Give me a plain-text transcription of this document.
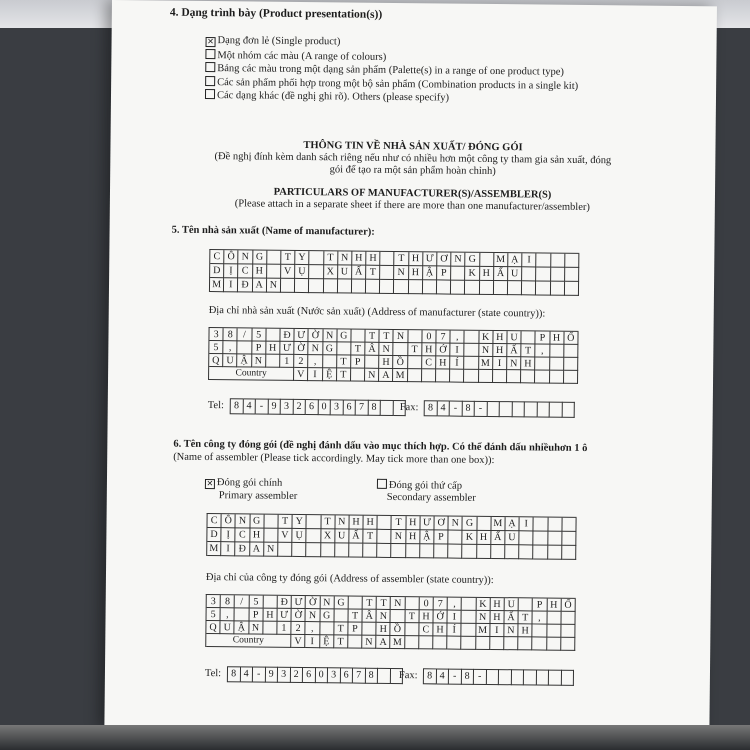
4. Dạng trình bày (Product presentation(s))
✕ Dạng đơn lẻ (Single product)
Một nhóm các màu (A range of colours)
Bảng các màu trong một dạng sản phẩm (Palette(s) in a range of one product type)
Các sản phẩm phối hợp trong một bộ sản phẩm (Combination products in a single kit)
Các dạng khác (đề nghị ghi rõ). Others (please specify)
THÔNG TIN VỀ NHÀ SẢN XUẤT/ ĐÓNG GÓI
(Đề nghị đính kèm danh sách riêng nếu như có nhiều hơn một công ty tham gia sản xuất, đóng
gói để tạo ra một sản phẩm hoàn chỉnh)
PARTICULARS OF MANUFACTURER(S)/ASSEMBLER(S)
(Please attach in a separate sheet if there are more than one manufacturer/assembler)
5. Tên nhà sản xuất (Name of manufacturer):
C Ô N G	T Y	T N H H	T H Ư Ơ N G	M Ạ I
D Ị C H	V Ụ	X U Ấ T	N H Ậ P	K H Ẩ U
M I Đ A N
Địa chỉ nhà sản xuất (Nước sản xuất) (Address of manufacturer (state country)):
3 8	/	5	Đ Ư Ờ N G	T T N	0 7	,	K H U	P H Ố
5	,	P H Ư Ờ N G	T Â N	T H Ớ I	N H Ấ T ,
Q U Ậ N	1 2	,	T P	H Ồ	C H Í	M I N H
Country	V I Ệ T	N A M
Tel: 8 4 - 9 3 2 6 0 3 6 7 8	Fax: 8 4 - 8 -
6. Tên công ty đóng gói (đề nghị đánh dấu vào mục thích hợp. Có thể đánh dấu nhiềuhơn 1 ô
(Name of assembler (Please tick accordingly. May tick more than one box)):
✕ Đóng gói chính
Primary assembler
Đóng gói thứ cấp
Secondary assembler
C Ô N G	T Y	T N H H	T H Ư Ơ N G	M Ạ I
D Ị C H	V Ụ	X U Ấ T	N H Ậ P	K H Ẩ U
M I Đ A N
Địa chỉ của công ty đóng gói (Address of assembler (state country)):
3 8	/	5	Đ Ư Ờ N G	T T N	0 7	,	K H U	P H Ố
5	,	P H Ư Ờ N G	T Â N	T H Ớ I	N H Ấ T ,
Q U Ậ N	1 2	,	T P	H Ồ	C H Í	M I N H
Country	V I Ệ T	N A M
Tel: 8 4 - 9 3 2 6 0 3 6 7 8	Fax: 8 4 - 8 -
